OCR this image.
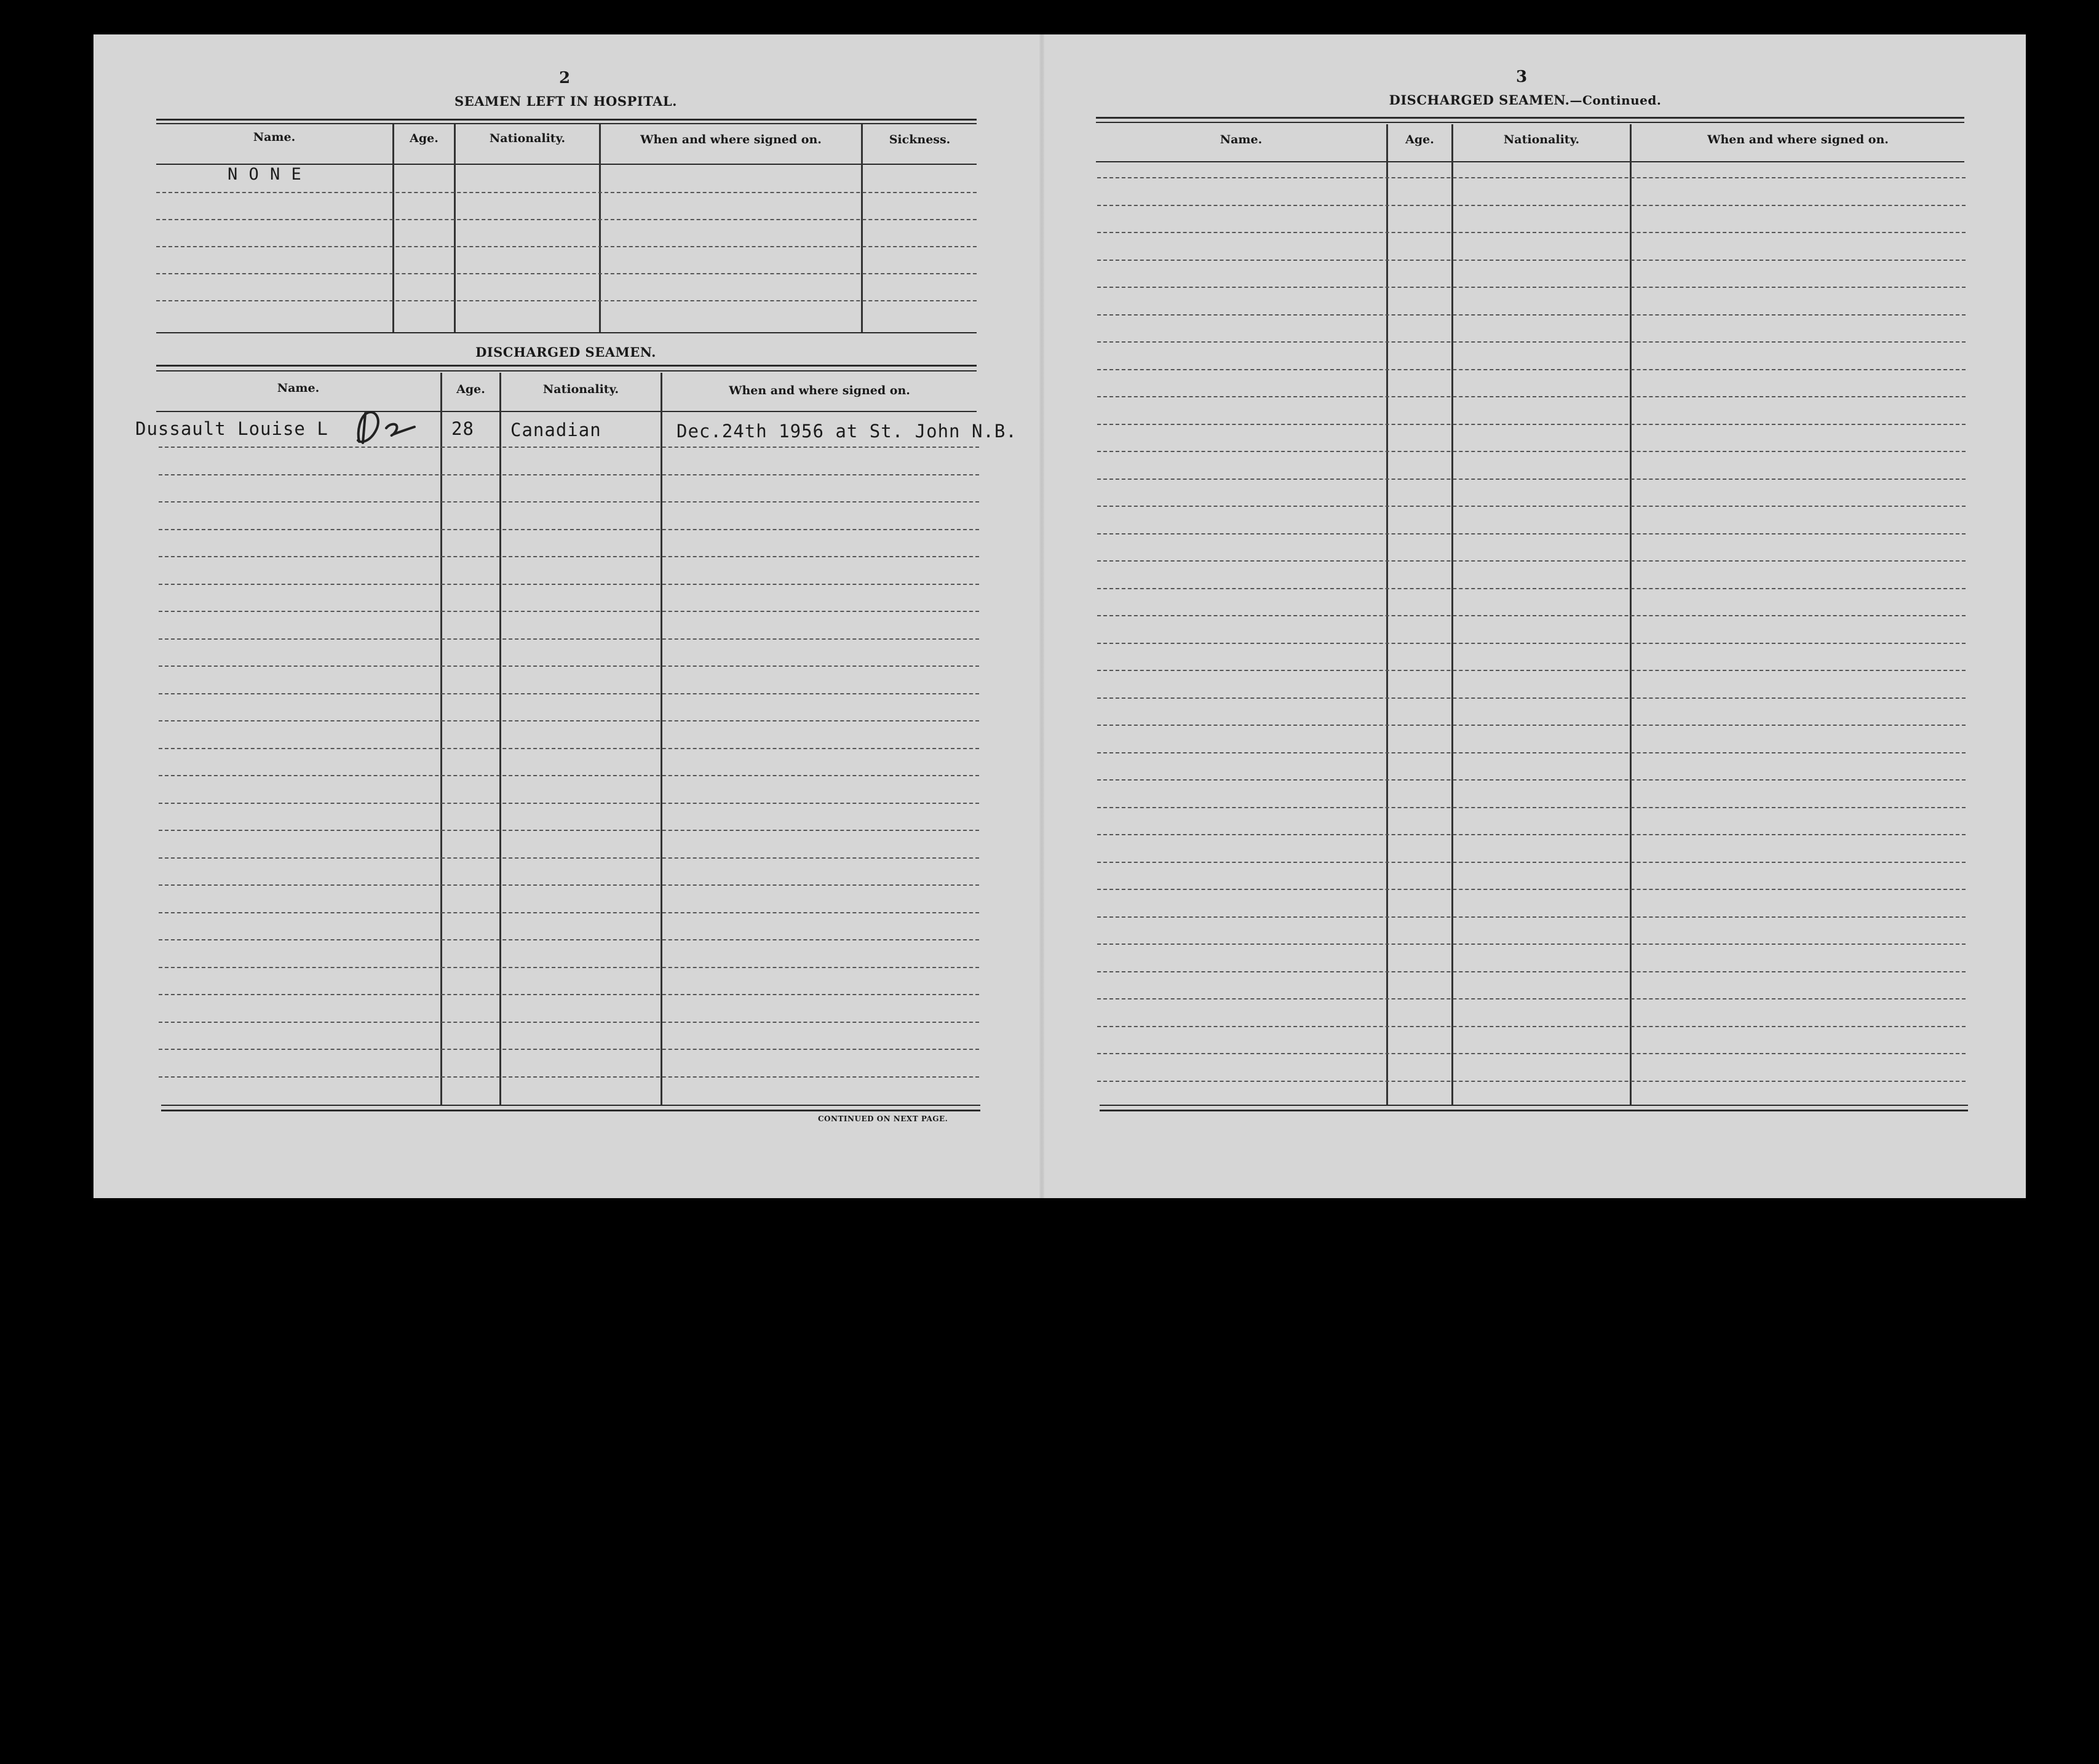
2
SEAMEN LEFT IN HOSPITAL.
Name.	Age.	Nationality.	When and where signed on.	Sickness.
N O N E
DISCHARGED SEAMEN.
Name.	Age.	Nationality.	When and where signed on.
Dussault Louise L	28 Canadian	Dec.24th 1956 at St. John N.B.
CONTINUED ON NEXT PAGE.
3
DISCHARGED SEAMEN.—Continued.
Name.	Age.	Nationality.	When and where signed on.
